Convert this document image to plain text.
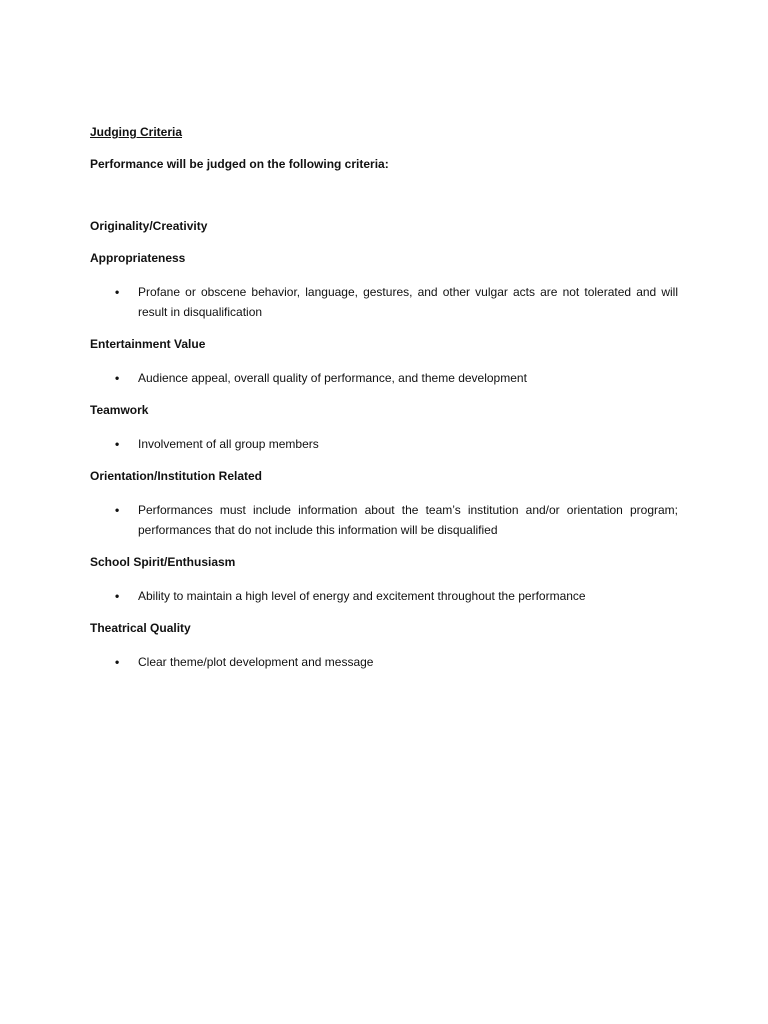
Judging Criteria

Performance will be judged on the following criteria:

Originality/Creativity
Appropriateness
• Profane or obscene behavior, language, gestures, and other vulgar acts are not tolerated and will result in disqualification
Entertainment Value
• Audience appeal, overall quality of performance, and theme development
Teamwork
• Involvement of all group members
Orientation/Institution Related
• Performances must include information about the team’s institution and/or orientation program; performances that do not include this information will be disqualified
School Spirit/Enthusiasm
• Ability to maintain a high level of energy and excitement throughout the performance
Theatrical Quality
• Clear theme/plot development and message
